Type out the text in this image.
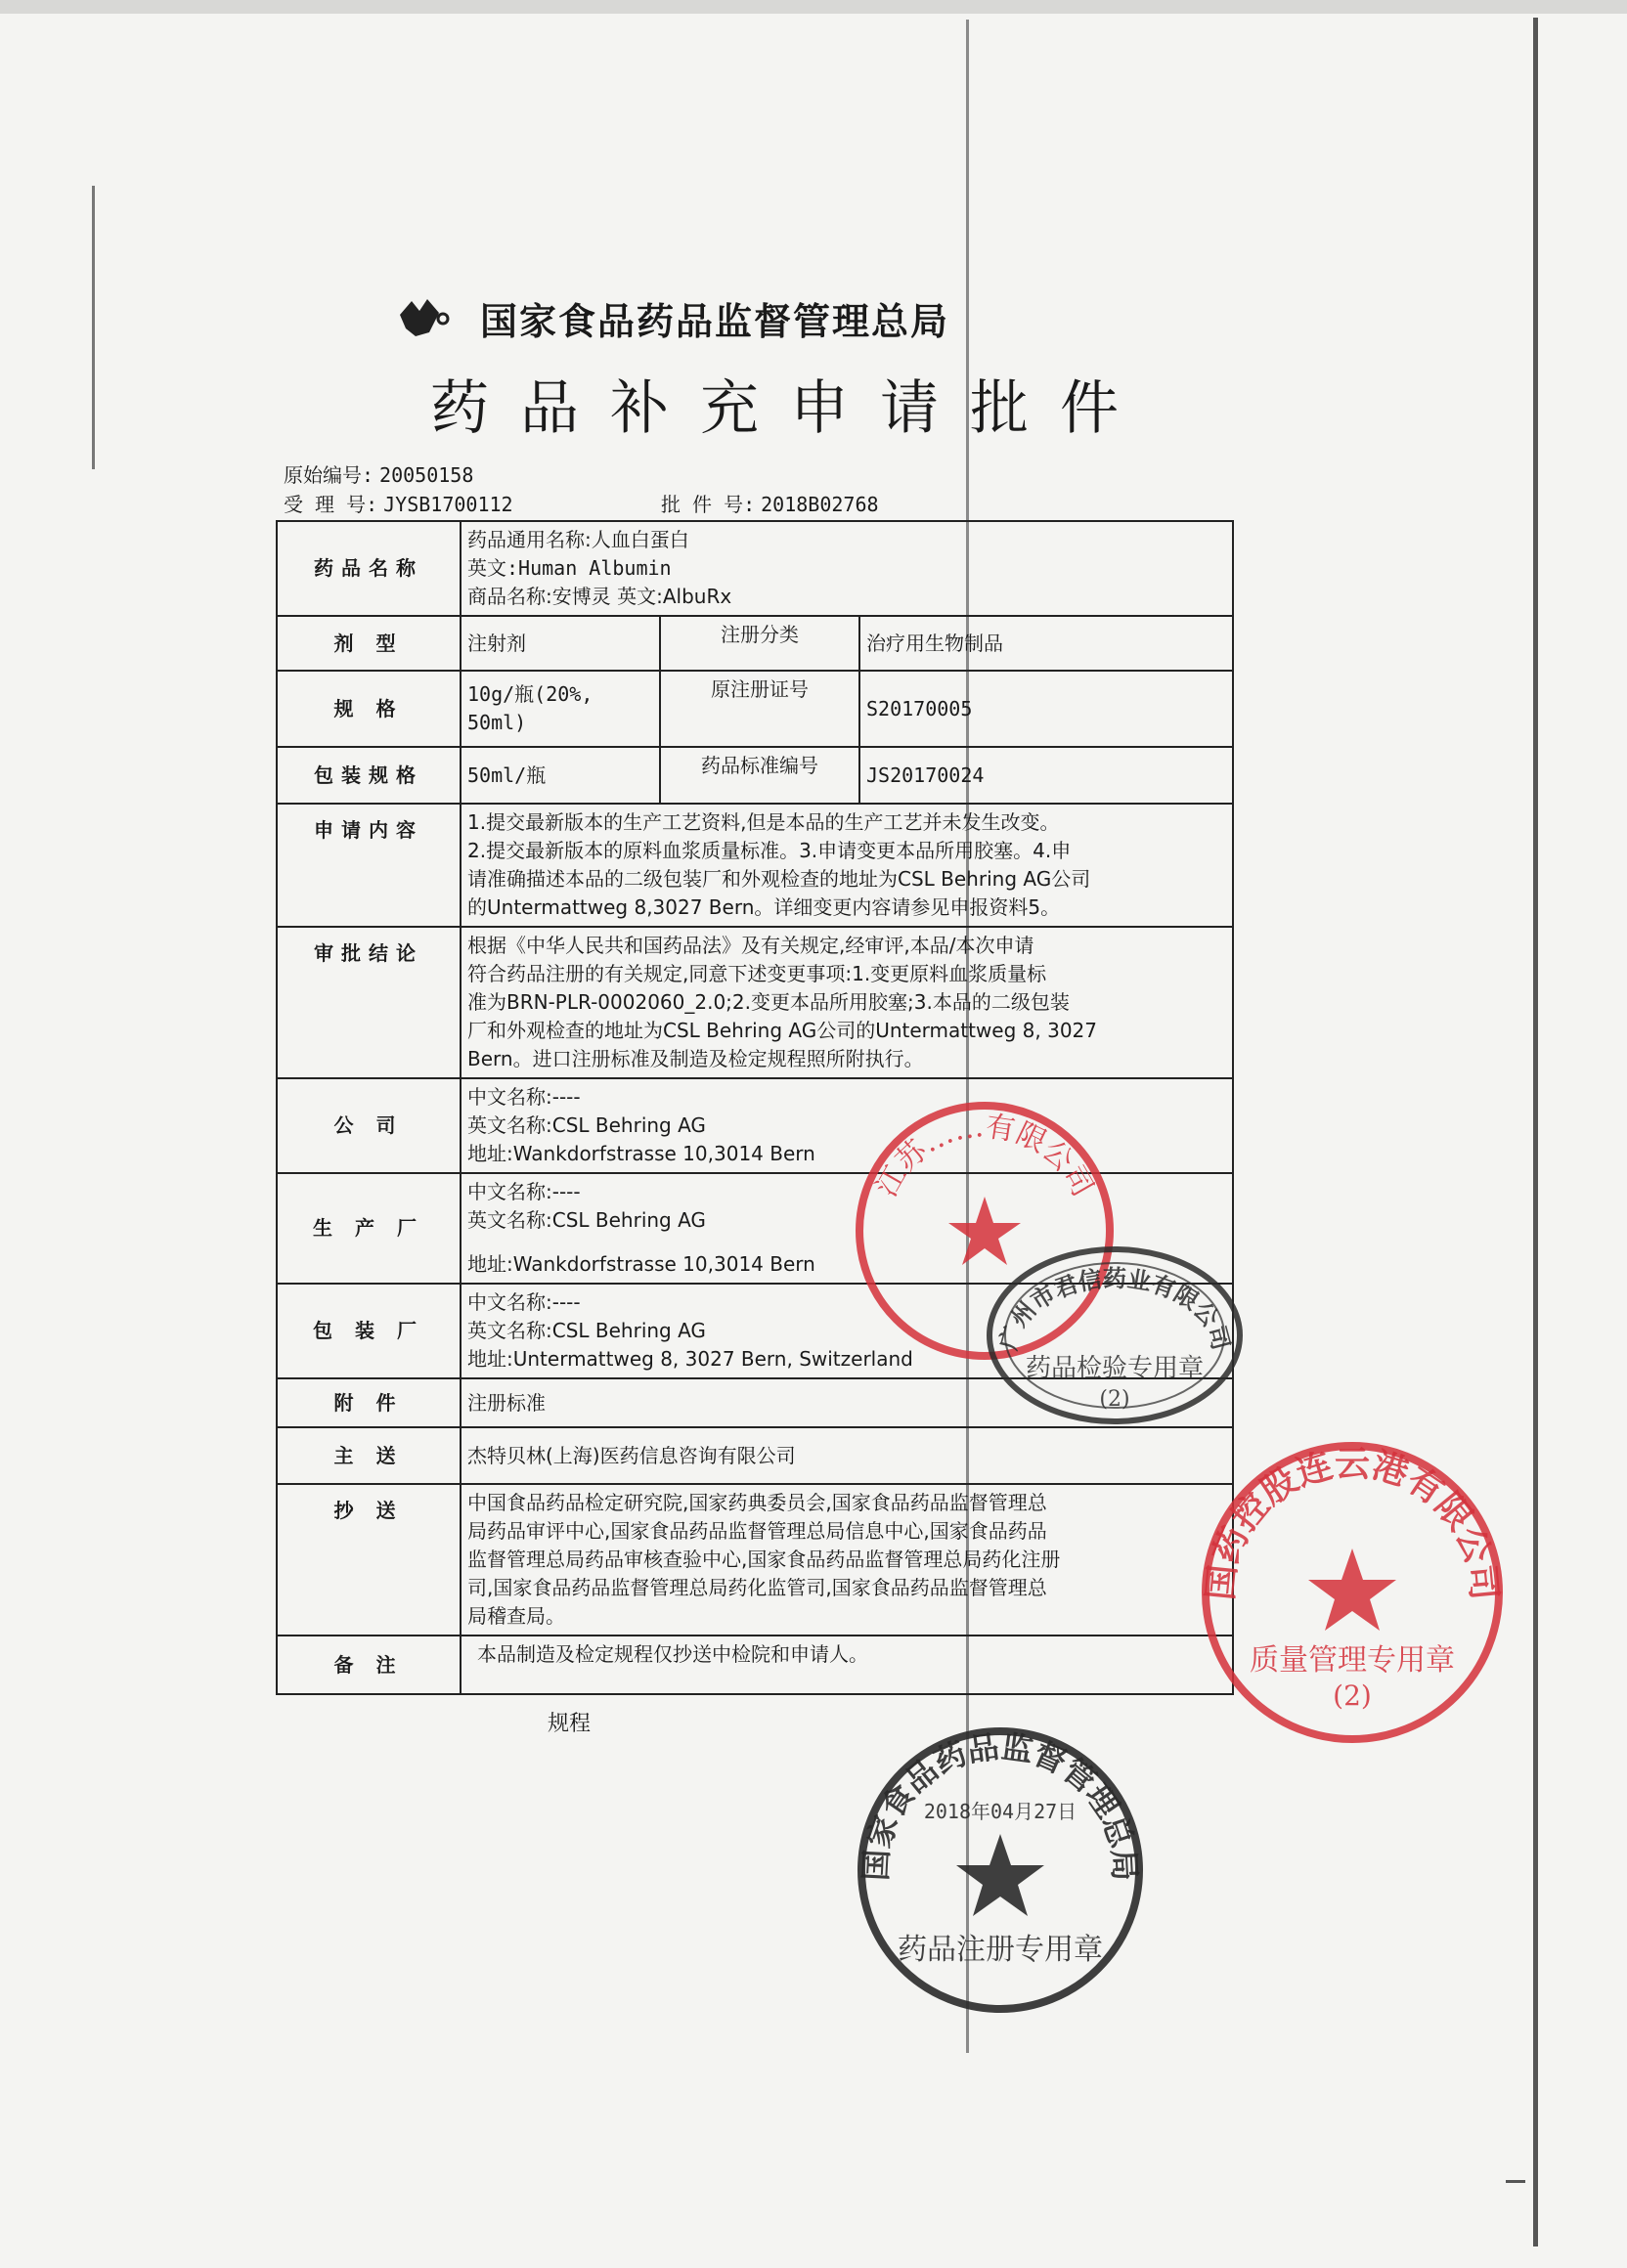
国家食品药品监督管理总局
药品补充申请批件
原始编号: 20050158
受 理 号: JYSB1700112	批 件 号: 2018B02768
药品名称	药品通用名称:人血白蛋白
英文:Human Albumin
商品名称:安博灵 英文:AlbuRx		

剂 型	注射剂	注册分类	治疗用生物制品
规 格	10g/瓶(20%, 50ml)	原注册证号	S20170005
包装规格	50ml/瓶	药品标准编号	JS20170024
申请内容	1.提交最新版本的生产工艺资料,但是本品的生产工艺并未发生改变。
2.提交最新版本的原料血浆质量标准。3.申请变更本品所用胶塞。4.申
请准确描述本品的二级包装厂和外观检查的地址为CSL Behring AG公司
的Untermattweg 8,3027 Bern。详细变更内容请参见申报资料5。		

审批结论	根据《中华人民共和国药品法》及有关规定,经审评,本品/本次申请
符合药品注册的有关规定,同意下述变更事项:1.变更原料血浆质量标
准为BRN-PLR-0002060_2.0;2.变更本品所用胶塞;3.本品的二级包装
厂和外观检查的地址为CSL Behring AG公司的Untermattweg 8, 3027
Bern。进口注册标准及制造及检定规程照所附执行。		

公 司	中文名称:----
英文名称:CSL Behring AG
地址:Wankdorfstrasse 10,3014 Bern		

生 产 厂	中文名称:----
英文名称:CSL Behring AG
地址:Wankdorfstrasse 10,3014 Bern		

包 装 厂	中文名称:----
英文名称:CSL Behring AG
地址:Untermattweg 8, 3027 Bern, Switzerland		

附 件	注册标准		
主 送	杰特贝林(上海)医药信息咨询有限公司		
抄 送	中国食品药品检定研究院,国家药典委员会,国家食品药品监督管理总
局药品审评中心,国家食品药品监督管理总局信息中心,国家食品药品
监督管理总局药品审核查验中心,国家食品药品监督管理总局药化注册
司,国家食品药品监督管理总局药化监管司,国家食品药品监督管理总
局稽查局。		

备 注	本品制造及检定规程仅抄送中检院和申请人。		
规程
江苏……有限公司
广州市君信药业有限公司
药品检验专用章
(2)
国药控股连云港有限公司
质量管理专用章
(2)
国家食品药品监督管理总局
2018年04月27日
药品注册专用章
